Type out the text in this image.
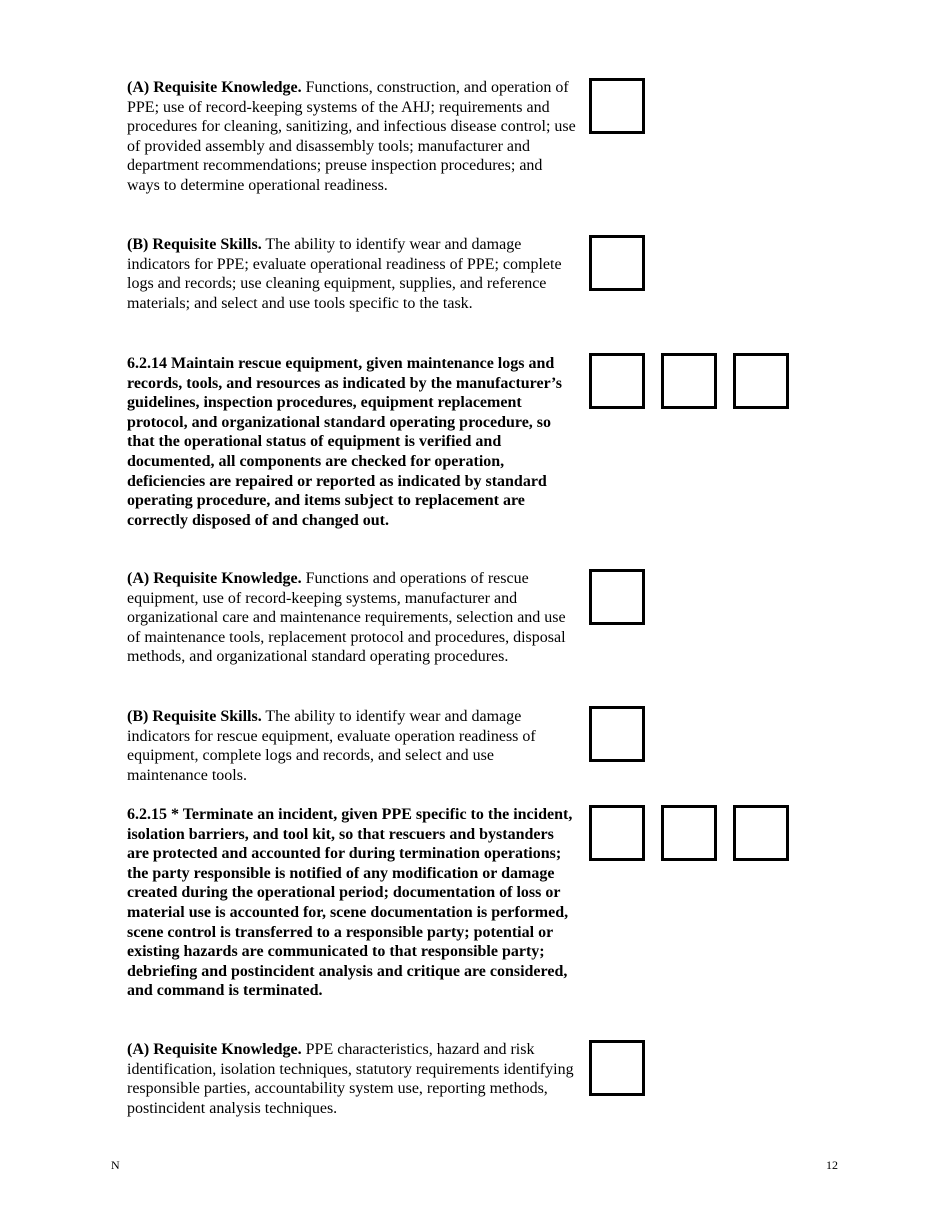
(A) Requisite Knowledge. Functions, construction, and operation of PPE; use of record-keeping systems of the AHJ; requirements and procedures for cleaning, sanitizing, and infectious disease control; use of provided assembly and disassembly tools; manufacturer and department recommendations; preuse inspection procedures; and ways to determine operational readiness.

(B) Requisite Skills. The ability to identify wear and damage indicators for PPE; evaluate operational readiness of PPE; complete logs and records; use cleaning equipment, supplies, and reference materials; and select and use tools specific to the task.

6.2.14 Maintain rescue equipment, given maintenance logs and records, tools, and resources as indicated by the manufacturer’s guidelines, inspection procedures, equipment replacement protocol, and organizational standard operating procedure, so that the operational status of equipment is verified and documented, all components are checked for operation, deficiencies are repaired or reported as indicated by standard operating procedure, and items subject to replacement are correctly disposed of and changed out.

(A) Requisite Knowledge. Functions and operations of rescue equipment, use of record-keeping systems, manufacturer and organizational care and maintenance requirements, selection and use of maintenance tools, replacement protocol and procedures, disposal methods, and organizational standard operating procedures.

(B) Requisite Skills. The ability to identify wear and damage indicators for rescue equipment, evaluate operation readiness of equipment, complete logs and records, and select and use maintenance tools.

6.2.15 * Terminate an incident, given PPE specific to the incident, isolation barriers, and tool kit, so that rescuers and bystanders are protected and accounted for during termination operations; the party responsible is notified of any modification or damage created during the operational period; documentation of loss or material use is accounted for, scene documentation is performed, scene control is transferred to a responsible party; potential or existing hazards are communicated to that responsible party; debriefing and postincident analysis and critique are considered, and command is terminated.

(A) Requisite Knowledge. PPE characteristics, hazard and risk identification, isolation techniques, statutory requirements identifying responsible parties, accountability system use, reporting methods, postincident analysis techniques.

N	12
